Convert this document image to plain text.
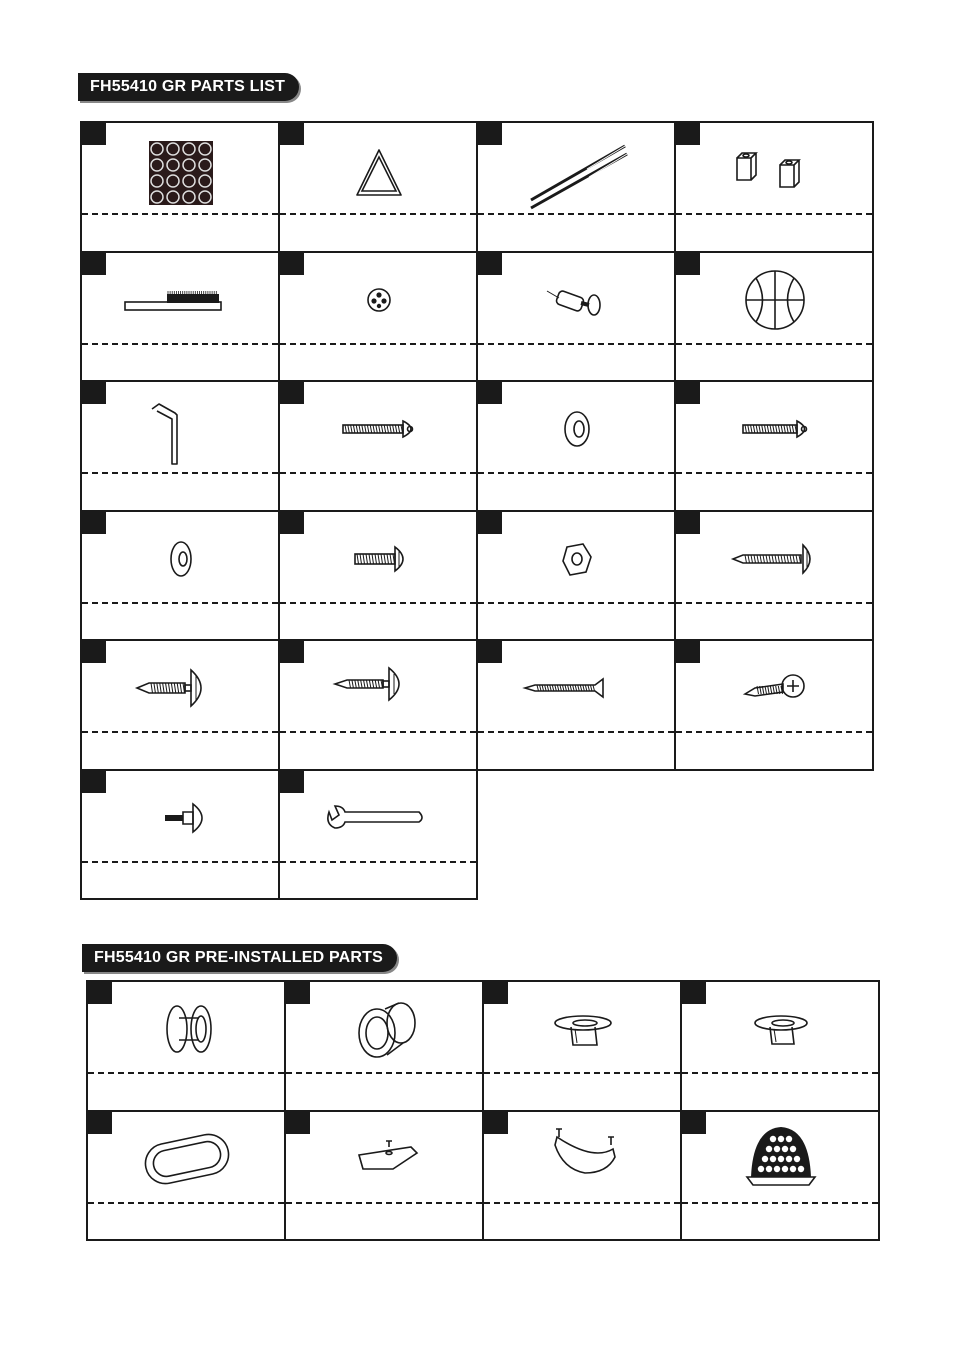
FH55410 GR PARTS LIST
FH55410 GR PRE-INSTALLED PARTS
